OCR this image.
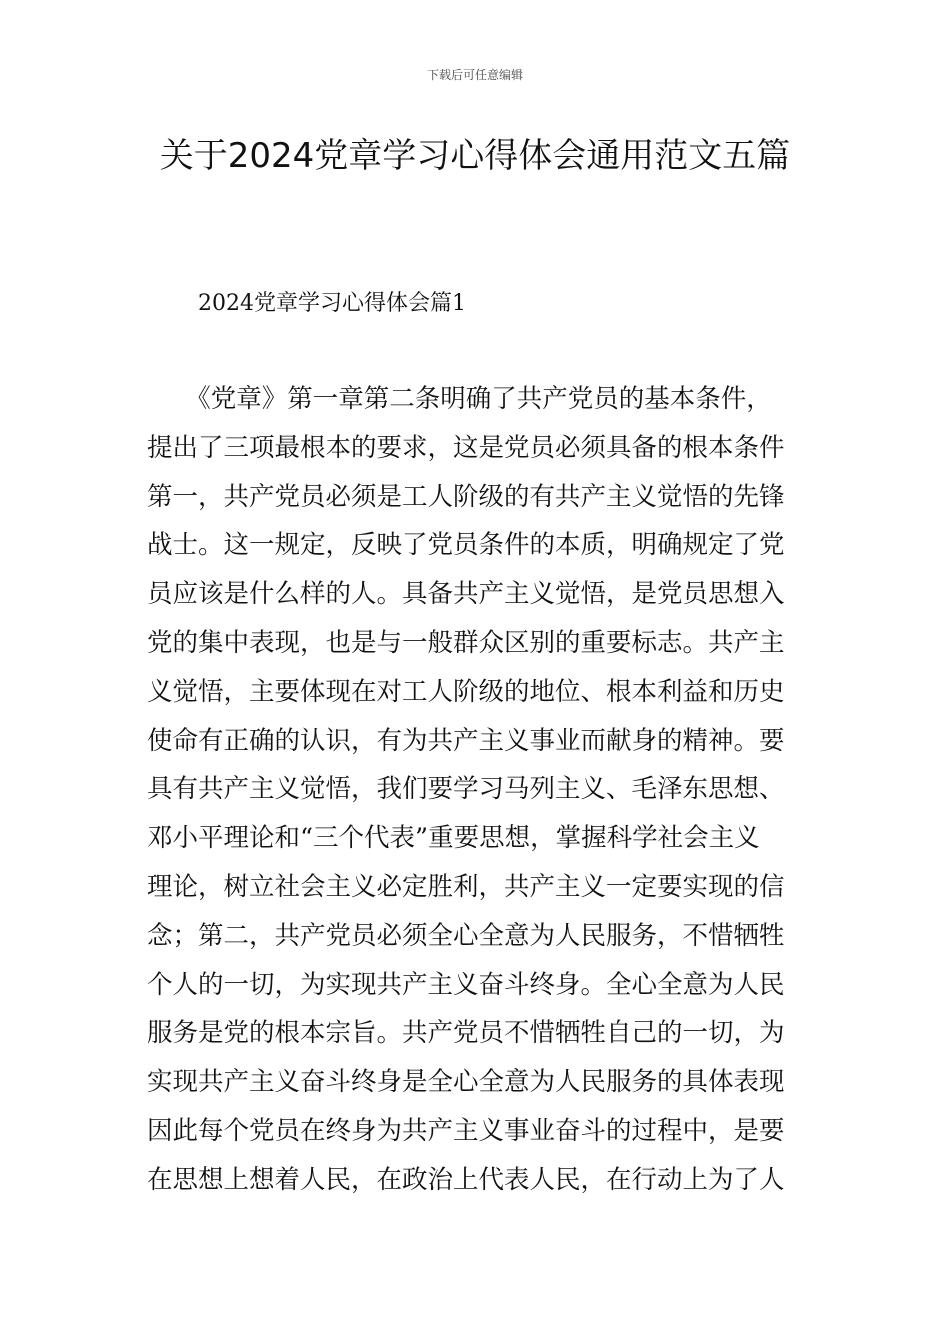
下载后可任意编辑
关于2024党章学习心得体会通用范文五篇
2024党章学习心得体会篇1
　　《党章》第一章第二条明确了共产党员的基本条件，
提出了三项最根本的要求，这是党员必须具备的根本条件
第一，共产党员必须是工人阶级的有共产主义觉悟的先锋
战士。这一规定，反映了党员条件的本质，明确规定了党
员应该是什么样的人。具备共产主义觉悟，是党员思想入
党的集中表现，也是与一般群众区别的重要标志。共产主
义觉悟，主要体现在对工人阶级的地位、根本利益和历史
使命有正确的认识，有为共产主义事业而献身的精神。要
具有共产主义觉悟，我们要学习马列主义、毛泽东思想、
邓小平理论和“三个代表”重要思想，掌握科学社会主义
理论，树立社会主义必定胜利，共产主义一定要实现的信
念；第二，共产党员必须全心全意为人民服务，不惜牺牲
个人的一切，为实现共产主义奋斗终身。全心全意为人民
服务是党的根本宗旨。共产党员不惜牺牲自己的一切，为
实现共产主义奋斗终身是全心全意为人民服务的具体表现
因此每个党员在终身为共产主义事业奋斗的过程中，是要
在思想上想着人民，在政治上代表人民，在行动上为了人
